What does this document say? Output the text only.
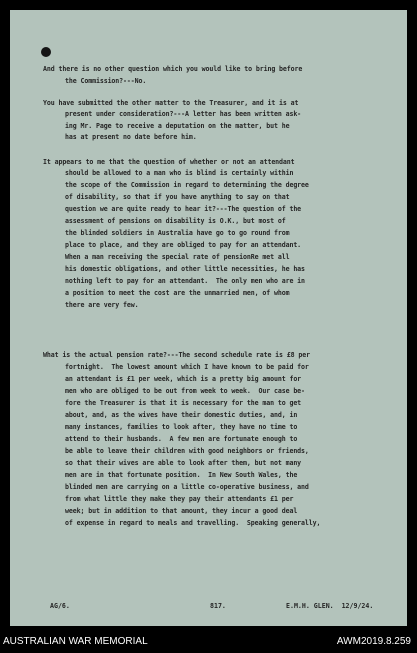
And there is no other question which you would like to bring before
the Commission?---No.
You have submitted the other matter to the Treasurer, and it is at
present under consideration?---A letter has been written ask-
ing Mr. Page to receive a deputation on the matter, but he
has at present no date before him.
It appears to me that the question of whether or not an attendant
should be allowed to a man who is blind is certainly within
the scope of the Commission in regard to determining the degree
of disability, so that if you have anything to say on that
question we are quite ready to hear it?---The question of the
assessment of pensions on disability is O.K., but most of
the blinded soldiers in Australia have go to go round from
place to place, and they are obliged to pay for an attendant.
When a man receiving the special rate of pensionRe met all
his domestic obligations, and other little necessities, he has
nothing left to pay for an attendant.  The only men who are in
a position to meet the cost are the unmarried men, of whom
there are very few.
What is the actual pension rate?---The second schedule rate is £8 per
fortnight.  The lowest amount which I have known to be paid for
an attendant is £1 per week, which is a pretty big amount for
men who are obliged to be out from week to week.  Our case be-
fore the Treasurer is that it is necessary for the man to get
about, and, as the wives have their domestic duties, and, in
many instances, families to look after, they have no time to
attend to their husbands.  A few men are fortunate enough to
be able to leave their children with good neighbors or friends,
so that their wives are able to look after them, but not many
men are in that fortunate position.  In New South Wales, the
blinded men are carrying on a little co-operative business, and
from what little they make they pay their attendants £1 per
week; but in addition to that amount, they incur a good deal
of expense in regard to meals and travelling.  Speaking generally,
AG/6.	817.	E.M.H. GLEN.  12/9/24.
AUSTRALIAN WAR MEMORIAL	AWM2019.8.259
